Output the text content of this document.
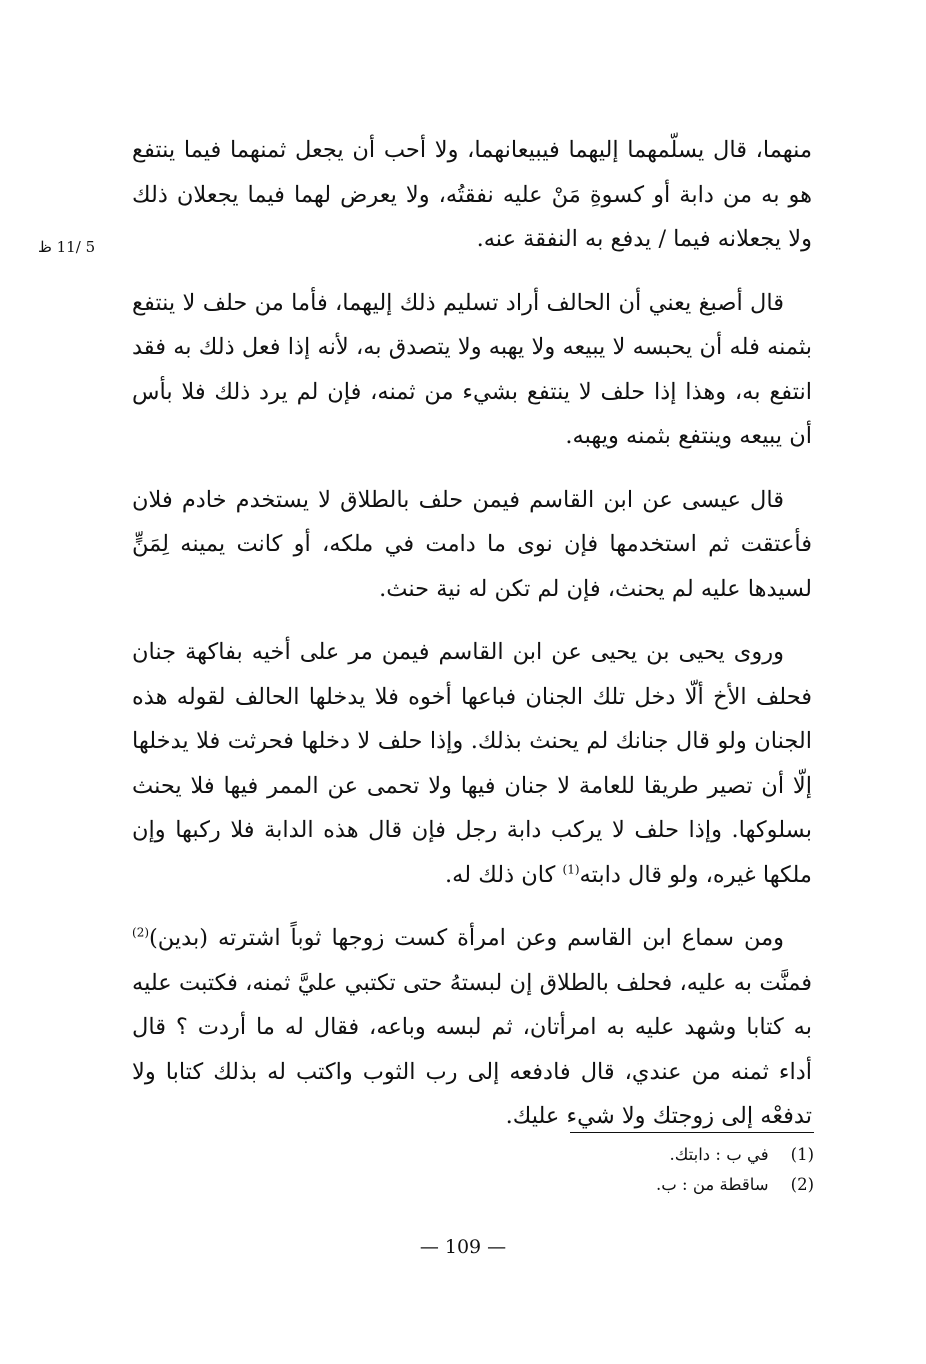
5 /11 ظ

منهما، قال يسلّمهما إليهما فيبيعانهما، ولا أحب أن يجعل ثمنهما فيما ينتفع هو به من دابة أو كسوةِ مَنْ عليه نفقتُه، ولا يعرض لهما فيما يجعلان ذلك ولا يجعلانه فيما / يدفع به النفقة عنه.

قال أصبغ يعني أن الحالف أراد تسليم ذلك إليهما، فأما من حلف لا ينتفع بثمنه فله أن يحبسه لا يبيعه ولا يهبه ولا يتصدق به، لأنه إذا فعل ذلك به فقد انتفع به، وهذا إذا حلف لا ينتفع بشيء من ثمنه، فإن لم يرد ذلك فلا بأس أن يبيعه وينتفع بثمنه ويهبه.

قال عيسى عن ابن القاسم فيمن حلف بالطلاق لا يستخدم خادم فلان فأعتقت ثم استخدمها فإن نوى ما دامت في ملكه، أو كانت يمينه لِمَنٍّ لسيدها عليه لم يحنث، فإن لم تكن له نية حنث.

وروى يحيى بن يحيى عن ابن القاسم فيمن مر على أخيه بفاكهة جنان فحلف الأخ ألّا دخل تلك الجنان فباعها أخوه فلا يدخلها الحالف لقوله هذه الجنان ولو قال جنانك لم يحنث بذلك. وإذا حلف لا دخلها فحرثت فلا يدخلها إلّا أن تصير طريقا للعامة لا جنان فيها ولا تحمى عن الممر فيها فلا يحنث بسلوكها. وإذا حلف لا يركب دابة رجل فإن قال هذه الدابة فلا ركبها وإن ملكها غيره، ولو قال دابته$^{(1)}$ كان ذلك له.

ومن سماع ابن القاسم وعن امرأة كست زوجها ثوباً اشترته (بدين)$^{(2)}$ فمنَّت به عليه، فحلف بالطلاق إن لبستهُ حتى تكتبي عليَّ ثمنه، فكتبت عليه به كتابا وشهد عليه به امرأتان، ثم لبسه وباعه، فقال له ما أردت ؟ قال أداء ثمنه من عندي، قال فادفعه إلى رب الثوب واكتب له بذلك كتابا ولا تدفعْه إلى زوجتك ولا شيء عليك.

(1)
في ب : دابتك.
(2)
ساقطة من : ب.
— 109 —
